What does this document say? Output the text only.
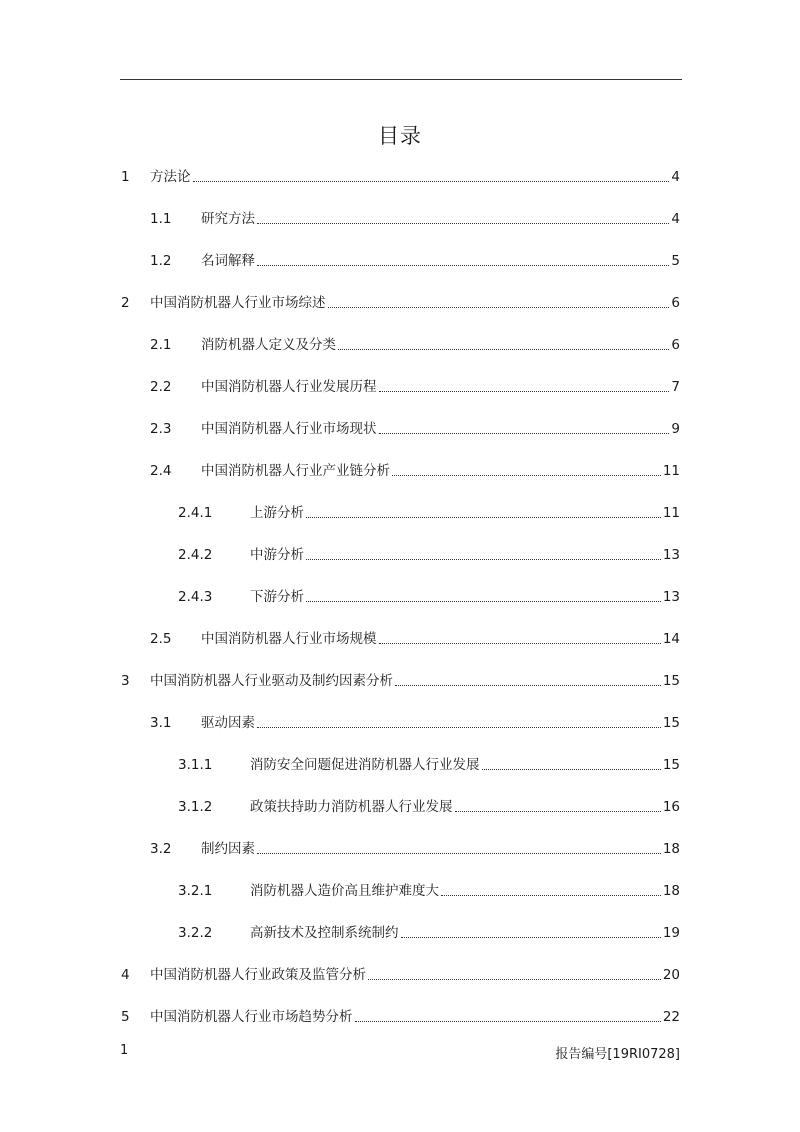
目录
1	方法论	4
1.1	研究方法	4
1.2	名词解释	5
2	中国消防机器人行业市场综述	6
2.1	消防机器人定义及分类	6
2.2	中国消防机器人行业发展历程	7
2.3	中国消防机器人行业市场现状	9
2.4	中国消防机器人行业产业链分析	11
2.4.1	上游分析	11
2.4.2	中游分析	13
2.4.3	下游分析	13
2.5	中国消防机器人行业市场规模	14
3	中国消防机器人行业驱动及制约因素分析	15
3.1	驱动因素	15
3.1.1	消防安全问题促进消防机器人行业发展	15
3.1.2	政策扶持助力消防机器人行业发展	16
3.2	制约因素	18
3.2.1	消防机器人造价高且维护难度大	18
3.2.2	高新技术及控制系统制约	19
4	中国消防机器人行业政策及监管分析	20
5	中国消防机器人行业市场趋势分析	22
1	报告编号[19RI0728]
